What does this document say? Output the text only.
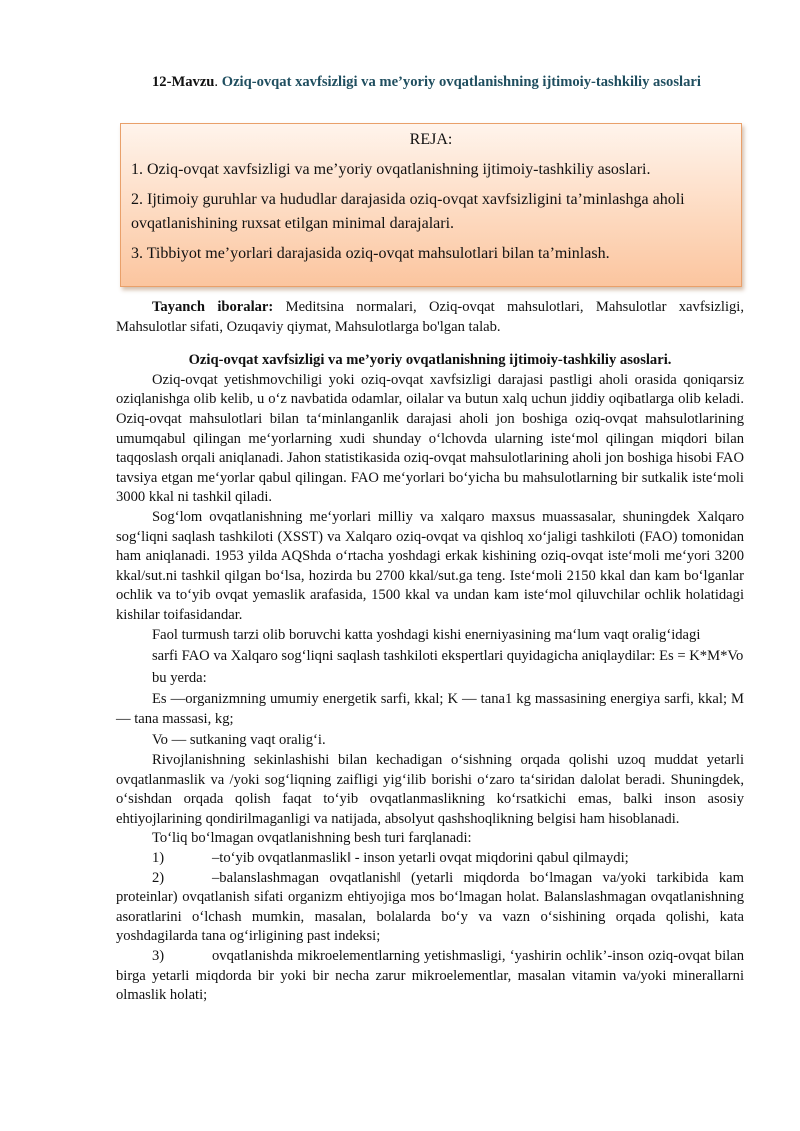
12-Mavzu. Oziq-ovqat xavfsizligi va me’yoriy ovqatlanishning ijtimoiy-tashkiliy asoslari

REJA:

1. Oziq-ovqat xavfsizligi va me’yoriy ovqatlanishning ijtimoiy-tashkiliy asoslari.

2. Ijtimoiy guruhlar va hududlar darajasida oziq-ovqat xavfsizligini ta’minlashga aholi ovqatlanishining ruxsat etilgan minimal darajalari.

3. Tibbiyot me’yorlari darajasida oziq-ovqat mahsulotlari bilan ta’minlash.

Tayanch iboralar: Meditsina normalari, Oziq-ovqat mahsulotlari, Mahsulotlar xavfsizligi, Mahsulotlar sifati, Ozuqaviy qiymat, Mahsulotlarga bo'lgan talab.

Oziq-ovqat xavfsizligi va me’yoriy ovqatlanishning ijtimoiy-tashkiliy asoslari.

Oziq-ovqat yetishmovchiligi yoki oziq-ovqat xavfsizligi darajasi pastligi aholi orasida qoniqarsiz oziqlanishga olib kelib, u o‘z navbatida odamlar, oilalar va butun xalq uchun jiddiy oqibatlarga olib keladi. Oziq-ovqat mahsulotlari bilan ta‘minlanganlik darajasi aholi jon boshiga oziq-ovqat mahsulotlarining umumqabul qilingan me‘yorlarning xudi shunday o‘lchovda ularning iste‘mol qilingan miqdori bilan taqqoslash orqali aniqlanadi. Jahon statistikasida oziq-ovqat mahsulotlarining aholi jon boshiga hisobi FAO tavsiya etgan me‘yorlar qabul qilingan. FAO me‘yorlari bo‘yicha bu mahsulotlarning bir sutkalik iste‘moli 3000 kkal ni tashkil qiladi.

Sog‘lom ovqatlanishning me‘yorlari milliy va xalqaro maxsus muassasalar, shuningdek Xalqaro sog‘liqni saqlash tashkiloti (XSST) va Xalqaro oziq-ovqat va qishloq xo‘jaligi tashkiloti (FAO) tomonidan ham aniqlanadi. 1953 yilda AQShda o‘rtacha yoshdagi erkak kishining oziq-ovqat iste‘moli me‘yori 3200 kkal/sut.ni tashkil qilgan bo‘lsa, hozirda bu 2700 kkal/sut.ga teng. Iste‘moli 2150 kkal dan kam bo‘lganlar ochlik va to‘yib ovqat yemaslik arafasida, 1500 kkal va undan kam iste‘mol qiluvchilar ochlik holatidagi kishilar toifasidandar.

Faol turmush tarzi olib boruvchi katta yoshdagi kishi enerniyasining ma‘lum vaqt oralig‘idagi

sarfi FAO va Xalqaro sog‘liqni saqlash tashkiloti ekspertlari quyidagicha aniqlaydilar: Es = K*M*Vo

bu yerda:

Es —organizmning umumiy energetik sarfi, kkal; K — tana1 kg massasining energiya sarfi, kkal; M — tana massasi, kg;

Vo — sutkaning vaqt oralig‘i.

Rivojlanishning sekinlashishi bilan kechadigan o‘sishning orqada qolishi uzoq muddat yetarli ovqatlanmaslik va /yoki sog‘liqning zaifligi yig‘ilib borishi o‘zaro ta‘siridan dalolat beradi. Shuningdek, o‘sishdan orqada qolish faqat to‘yib ovqatlanmaslikning ko‘rsatkichi emas, balki inson asosiy ehtiyojlarining qondirilmaganligi va natijada, absolyut qashshoqlikning belgisi ham hisoblanadi.

To‘liq bo‘lmagan ovqatlanishning besh turi farqlanadi:

1)	–to‘yib ovqatlanmaslik‖ - inson yetarli ovqat miqdorini qabul qilmaydi;

2)	–balanslashmagan ovqatlanish‖ (yetarli miqdorda bo‘lmagan va/yoki tarkibida kam proteinlar) ovqatlanish sifati organizm ehtiyojiga mos bo‘lmagan holat. Balanslashmagan ovqatlanishning asoratlarini o‘lchash mumkin, masalan, bolalarda bo‘y va vazn o‘sishining orqada qolishi, kata yoshdagilarda tana og‘irligining past indeksi;

3)	ovqatlanishda mikroelementlarning yetishmasligi, ‘yashirin ochlik’-inson oziq-ovqat bilan birga yetarli miqdorda bir yoki bir necha zarur mikroelementlar, masalan vitamin va/yoki minerallarni olmaslik holati;
